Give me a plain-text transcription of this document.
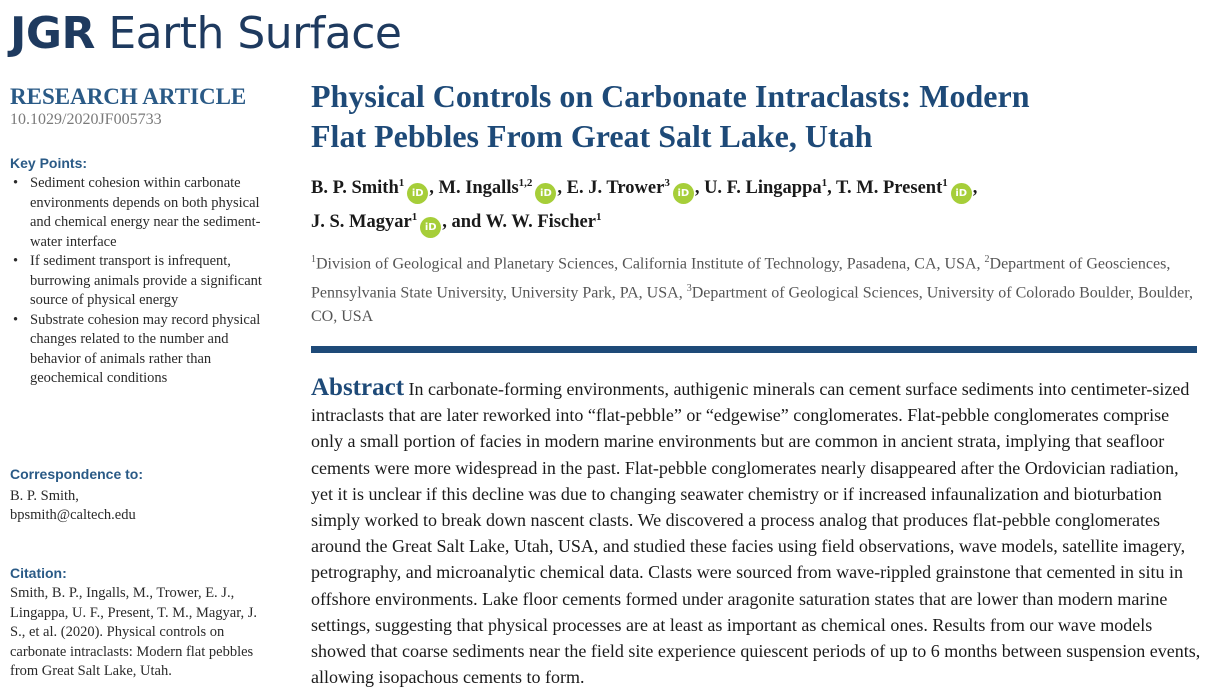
JGR Earth Surface
RESEARCH ARTICLE
10.1029/2020JF005733
Key Points:
• Sediment cohesion within carbonate environments depends on both physical and chemical energy near the sediment-water interface
• If sediment transport is infrequent, burrowing animals provide a significant source of physical energy
• Substrate cohesion may record physical changes related to the number and behavior of animals rather than geochemical conditions
Correspondence to:
B. P. Smith,
bpsmith@caltech.edu
Citation:
Smith, B. P., Ingalls, M., Trower, E. J., Lingappa, U. F., Present, T. M., Magyar, J. S., et al. (2020). Physical controls on carbonate intraclasts: Modern flat pebbles from Great Salt Lake, Utah.
Physical Controls on Carbonate Intraclasts: Modern
Flat Pebbles From Great Salt Lake, Utah
B. P. Smith$^1$iD , M. Ingalls$^{1,2}$iD , E. J. Trower$^3$iD , U. F. Lingappa$^1$, T. M. Present$^1$iD ,
J. S. Magyar$^1$iD , and W. W. Fischer$^1$
$^1$Division of Geological and Planetary Sciences, California Institute of Technology, Pasadena, CA, USA, $^2$Department of Geosciences, Pennsylvania State University, University Park, PA, USA, $^3$Department of Geological Sciences, University of Colorado Boulder, Boulder, CO, USA
Abstract In carbonate-forming environments, authigenic minerals can cement surface sediments into centimeter-sized intraclasts that are later reworked into “flat-pebble” or “edgewise” conglomerates. Flat-pebble conglomerates comprise only a small portion of facies in modern marine environments but are common in ancient strata, implying that seafloor cements were more widespread in the past. Flat-pebble conglomerates nearly disappeared after the Ordovician radiation, yet it is unclear if this decline was due to changing seawater chemistry or if increased infaunalization and bioturbation simply worked to break down nascent clasts. We discovered a process analog that produces flat-pebble conglomerates around the Great Salt Lake, Utah, USA, and studied these facies using field observations, wave models, satellite imagery, petrography, and microanalytic chemical data. Clasts were sourced from wave-rippled grainstone that cemented in situ in offshore environments. Lake floor cements formed under aragonite saturation states that are lower than modern marine settings, suggesting that physical processes are at least as important as chemical ones. Results from our wave models showed that coarse sediments near the field site experience quiescent periods of up to 6 months between suspension events, allowing isopachous cements to form.
